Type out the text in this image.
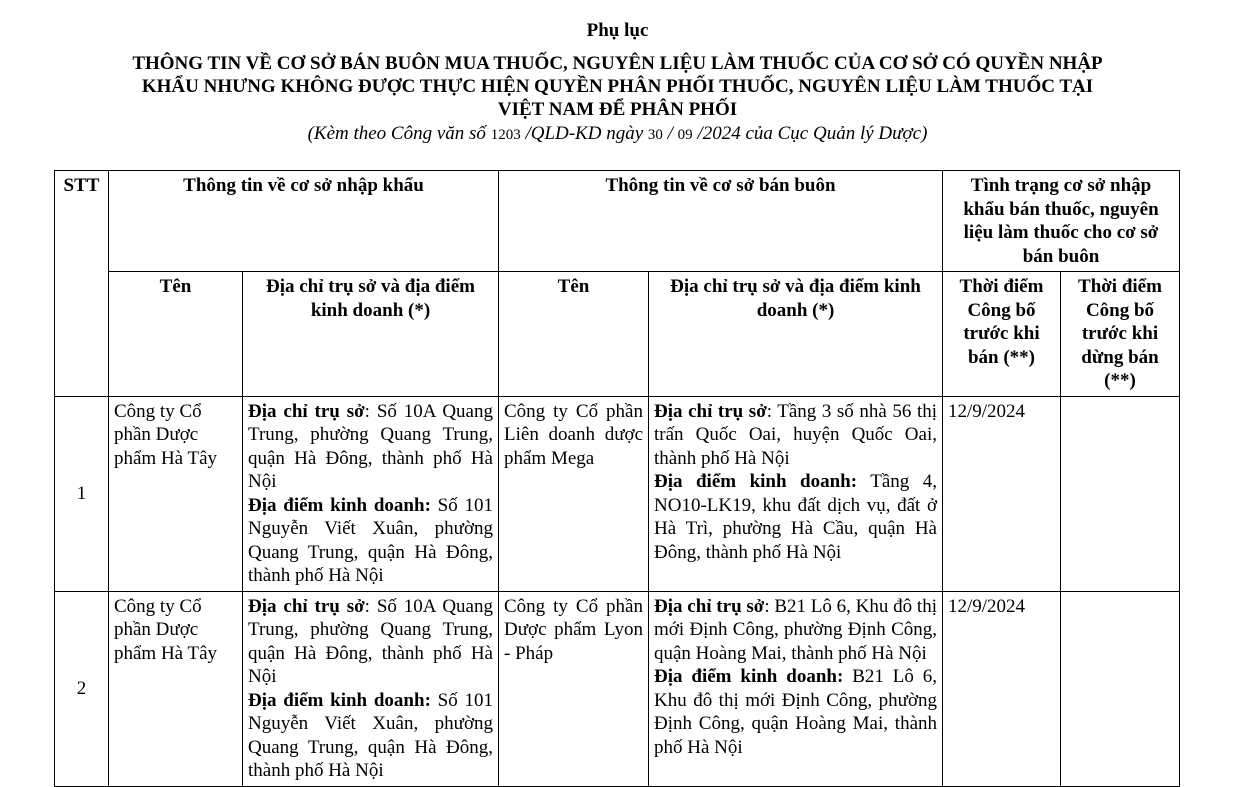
Phụ lục
THÔNG TIN VỀ CƠ SỞ BÁN BUÔN MUA THUỐC, NGUYÊN LIỆU LÀM THUỐC CỦA CƠ SỞ CÓ QUYỀN NHẬP
KHẨU NHƯNG KHÔNG ĐƯỢC THỰC HIỆN QUYỀN PHÂN PHỐI THUỐC, NGUYÊN LIỆU LÀM THUỐC TẠI
VIỆT NAM ĐỂ PHÂN PHỐI
(Kèm theo Công văn số 1203 /QLD-KD ngày 30 / 09 /2024 của Cục Quản lý Dược)
STT	Thông tin về cơ sở nhập khẩu		Thông tin về cơ sở bán buôn		Tình trạng cơ sở nhập khẩu bán thuốc, nguyên liệu làm thuốc cho cơ sở bán buôn	
	Tên	Địa chỉ trụ sở và địa điểm kinh doanh (*)	Tên	Địa chỉ trụ sở và địa điểm kinh doanh (*)	Thời điểm Công bố trước khi bán (**)	Thời điểm Công bố trước khi dừng bán (**)
1	Công ty Cổ phần Dược phẩm Hà Tây	Địa chỉ trụ sở: Số 10A Quang Trung, phường Quang Trung, quận Hà Đông, thành phố Hà Nội
Địa điểm kinh doanh: Số 101 Nguyễn Viết Xuân, phường Quang Trung, quận Hà Đông, thành phố Hà Nội	Công ty Cổ phần Liên doanh dược phẩm Mega	Địa chỉ trụ sở: Tầng 3 số nhà 56 thị trấn Quốc Oai, huyện Quốc Oai, thành phố Hà Nội
Địa điểm kinh doanh: Tầng 4, NO10-LK19, khu đất dịch vụ, đất ở Hà Trì, phường Hà Cầu, quận Hà Đông, thành phố Hà Nội	12/9/2024	
2	Công ty Cổ phần Dược phẩm Hà Tây	Địa chỉ trụ sở: Số 10A Quang Trung, phường Quang Trung, quận Hà Đông, thành phố Hà Nội
Địa điểm kinh doanh: Số 101 Nguyễn Viết Xuân, phường Quang Trung, quận Hà Đông, thành phố Hà Nội	Công ty Cổ phần Dược phẩm Lyon - Pháp	Địa chỉ trụ sở: B21 Lô 6, Khu đô thị mới Định Công, phường Định Công, quận Hoàng Mai, thành phố Hà Nội
Địa điểm kinh doanh: B21 Lô 6, Khu đô thị mới Định Công, phường Định Công, quận Hoàng Mai, thành phố Hà Nội	12/9/2024	
